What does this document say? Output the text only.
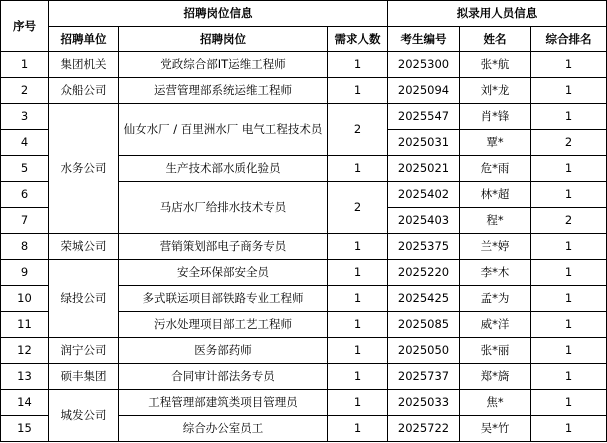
序号	招聘岗位信息			拟录用人员信息		
	招聘单位	招聘岗位	需求人数	考生编号	姓名	综合排名
1	集团机关	党政综合部IT运维工程师	1	2025300	张*航	1
2	众船公司	运营管理部系统运维工程师	1	2025094	刘*龙	1
3	水务公司	仙女水厂 / 百里洲水厂 电气工程技术员	2	2025547	肖*锋	1
4				2025031	覃*	2
5		生产技术部水质化验员	1	2025021	危*雨	1
6		马店水厂给排水技术专员	2	2025402	林*超	1
7				2025403	程*	2
8	荣城公司	营销策划部电子商务专员	1	2025375	兰*婷	1
9	绿投公司	安全环保部安全员	1	2025220	李*木	1
10		多式联运项目部铁路专业工程师	1	2025425	孟*为	1
11		污水处理项目部工艺工程师	1	2025085	威*洋	1
12	润宁公司	医务部药师	1	2025050	张*丽	1
13	硕丰集团	合同审计部法务专员	1	2025737	郑*旖	1
14	城发公司	工程管理部建筑类项目管理员	1	2025033	焦*	1
15		综合办公室员工	1	2025722	吴*竹	1
